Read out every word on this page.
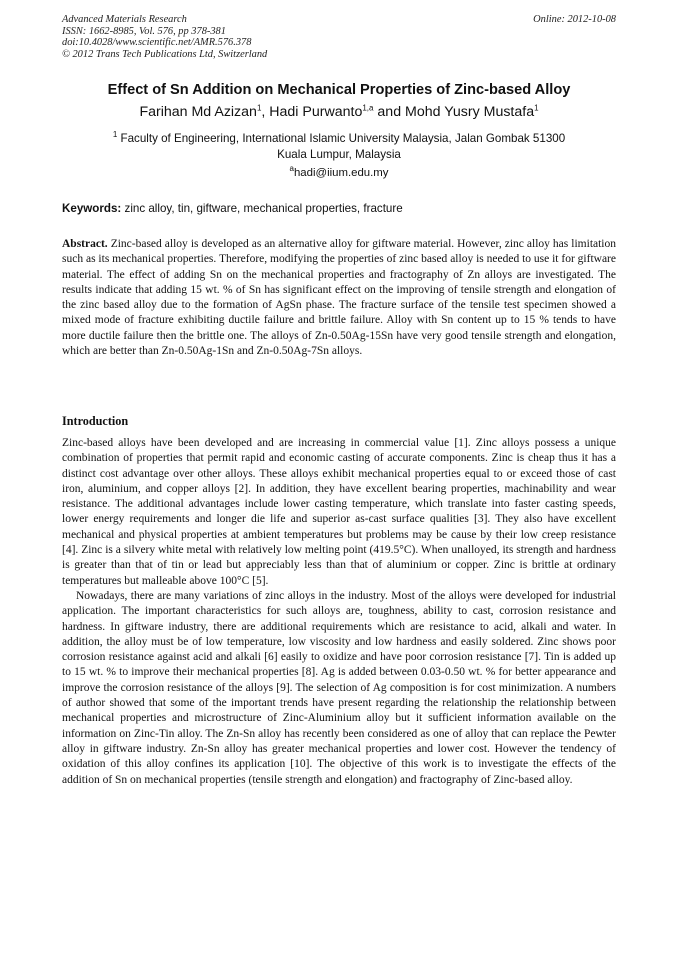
Advanced Materials Research
ISSN: 1662-8985, Vol. 576, pp 378-381
doi:10.4028/www.scientific.net/AMR.576.378
© 2012 Trans Tech Publications Ltd, Switzerland
Online: 2012-10-08
Effect of Sn Addition on Mechanical Properties of Zinc-based Alloy
Farihan Md Azizan$^1$, Hadi Purwanto$^{1,a}$ and Mohd Yusry Mustafa$^1$
$^1$ Faculty of Engineering, International Islamic University Malaysia, Jalan Gombak 51300
Kuala Lumpur, Malaysia
$^a$hadi@iium.edu.my
Keywords: zinc alloy, tin, giftware, mechanical properties, fracture

Abstract. Zinc-based alloy is developed as an alternative alloy for giftware material. However, zinc alloy has limitation such as its mechanical properties. Therefore, modifying the properties of zinc based alloy is needed to use it for giftware material. The effect of adding Sn on the mechanical properties and fractography of Zn alloys are investigated. The results indicate that adding 15 wt. % of Sn has significant effect on the improving of tensile strength and elongation of the zinc based alloy due to the formation of AgSn phase. The fracture surface of the tensile test specimen showed a mixed mode of fracture exhibiting ductile failure and brittle failure. Alloy with Sn content up to 15 % tends to have more ductile failure then the brittle one. The alloys of Zn-0.50Ag-15Sn have very good tensile strength and elongation, which are better than Zn-0.50Ag-1Sn and Zn-0.50Ag-7Sn alloys.

Introduction

Zinc-based alloys have been developed and are increasing in commercial value [1]. Zinc alloys possess a unique combination of properties that permit rapid and economic casting of accurate components. Zinc is cheap thus it has a distinct cost advantage over other alloys. These alloys exhibit mechanical properties equal to or exceed those of cast iron, aluminium, and copper alloys [2]. In addition, they have excellent bearing properties, machinability and wear resistance. The additional advantages include lower casting temperature, which translate into faster casting speeds, lower energy requirements and longer die life and superior as-cast surface qualities [3]. They also have excellent mechanical and physical properties at ambient temperatures but problems may be cause by their low creep resistance [4]. Zinc is a silvery white metal with relatively low melting point (419.5°C). When unalloyed, its strength and hardness is greater than that of tin or lead but appreciably less than that of aluminium or copper. Zinc is brittle at ordinary temperatures but malleable above 100°C [5].

Nowadays, there are many variations of zinc alloys in the industry. Most of the alloys were developed for industrial application. The important characteristics for such alloys are, toughness, ability to cast, corrosion resistance and hardness. In giftware industry, there are additional requirements which are resistance to acid, alkali and water. In addition, the alloy must be of low temperature, low viscosity and low hardness and easily soldered. Zinc shows poor corrosion resistance against acid and alkali [6] easily to oxidize and have poor corrosion resistance [7]. Tin is added up to 15 wt. % to improve their mechanical properties [8]. Ag is added between 0.03-0.50 wt. % for better appearance and improve the corrosion resistance of the alloys [9]. The selection of Ag composition is for cost minimization. A numbers of author showed that some of the important trends have present regarding the relationship the relationship between mechanical properties and microstructure of Zinc-Aluminium alloy but it sufficient information available on the information on Zinc-Tin alloy. The Zn-Sn alloy has recently been considered as one of alloy that can replace the Pewter alloy in giftware industry. Zn-Sn alloy has greater mechanical properties and lower cost. However the tendency of oxidation of this alloy confines its application [10]. The objective of this work is to investigate the effects of the addition of Sn on mechanical properties (tensile strength and elongation) and fractography of Zinc-based alloy.
